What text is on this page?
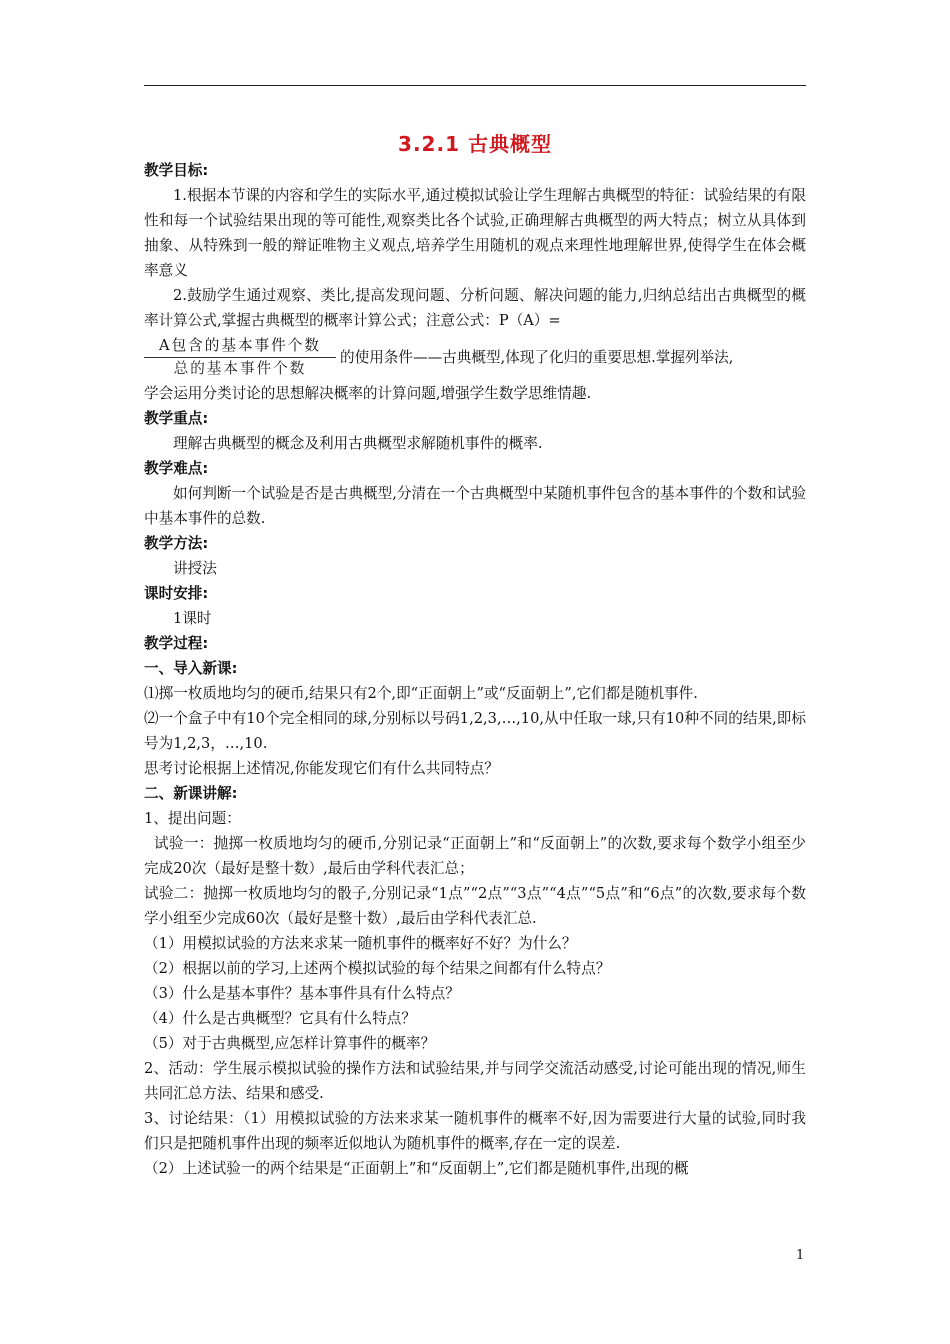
3.2.1 古典概型

教学目标:

1.根据本节课的内容和学生的实际水平,通过模拟试验让学生理解古典概型的特征：试验结果的有限性和每一个试验结果出现的等可能性,观察类比各个试验,正确理解古典概型的两大特点；树立从具体到抽象、从特殊到一般的辩证唯物主义观点,培养学生用随机的观点来理性地理解世界,使得学生在体会概率意义

2.鼓励学生通过观察、类比,提高发现问题、分析问题、解决问题的能力,归纳总结出古典概型的概率计算公式,掌握古典概型的概率计算公式；注意公式：P（A）=

A包含的基本事件个数
总的基本事件个数
的使用条件——古典概型,体现了化归的重要思想.掌握列举法,

学会运用分类讨论的思想解决概率的计算问题,增强学生数学思维情趣.

教学重点:

理解古典概型的概念及利用古典概型求解随机事件的概率.

教学难点:

如何判断一个试验是否是古典概型,分清在一个古典概型中某随机事件包含的基本事件的个数和试验中基本事件的总数.

教学方法:

讲授法

课时安排:

1课时

教学过程:

一、导入新课:

⑴掷一枚质地均匀的硬币,结果只有2个,即“正面朝上”或“反面朝上”,它们都是随机事件.

⑵一个盒子中有10个完全相同的球,分别标以号码1,2,3,…,10,从中任取一球,只有10种不同的结果,即标号为1,2,3，…,10.

思考讨论根据上述情况,你能发现它们有什么共同特点？

二、新课讲解:

1、提出问题：

试验一：抛掷一枚质地均匀的硬币,分别记录“正面朝上”和“反面朝上”的次数,要求每个数学小组至少完成20次（最好是整十数）,最后由学科代表汇总；

试验二：抛掷一枚质地均匀的骰子,分别记录“1点”“2点”“3点”“4点”“5点”和“6点”的次数,要求每个数学小组至少完成60次（最好是整十数）,最后由学科代表汇总.

（1）用模拟试验的方法来求某一随机事件的概率好不好？为什么？

（2）根据以前的学习,上述两个模拟试验的每个结果之间都有什么特点？

（3）什么是基本事件？基本事件具有什么特点？

（4）什么是古典概型？它具有什么特点？

（5）对于古典概型,应怎样计算事件的概率？

2、活动：学生展示模拟试验的操作方法和试验结果,并与同学交流活动感受,讨论可能出现的情况,师生共同汇总方法、结果和感受.

3、讨论结果：（1）用模拟试验的方法来求某一随机事件的概率不好,因为需要进行大量的试验,同时我们只是把随机事件出现的频率近似地认为随机事件的概率,存在一定的误差.

（2）上述试验一的两个结果是“正面朝上”和“反面朝上”,它们都是随机事件,出现的概

1
